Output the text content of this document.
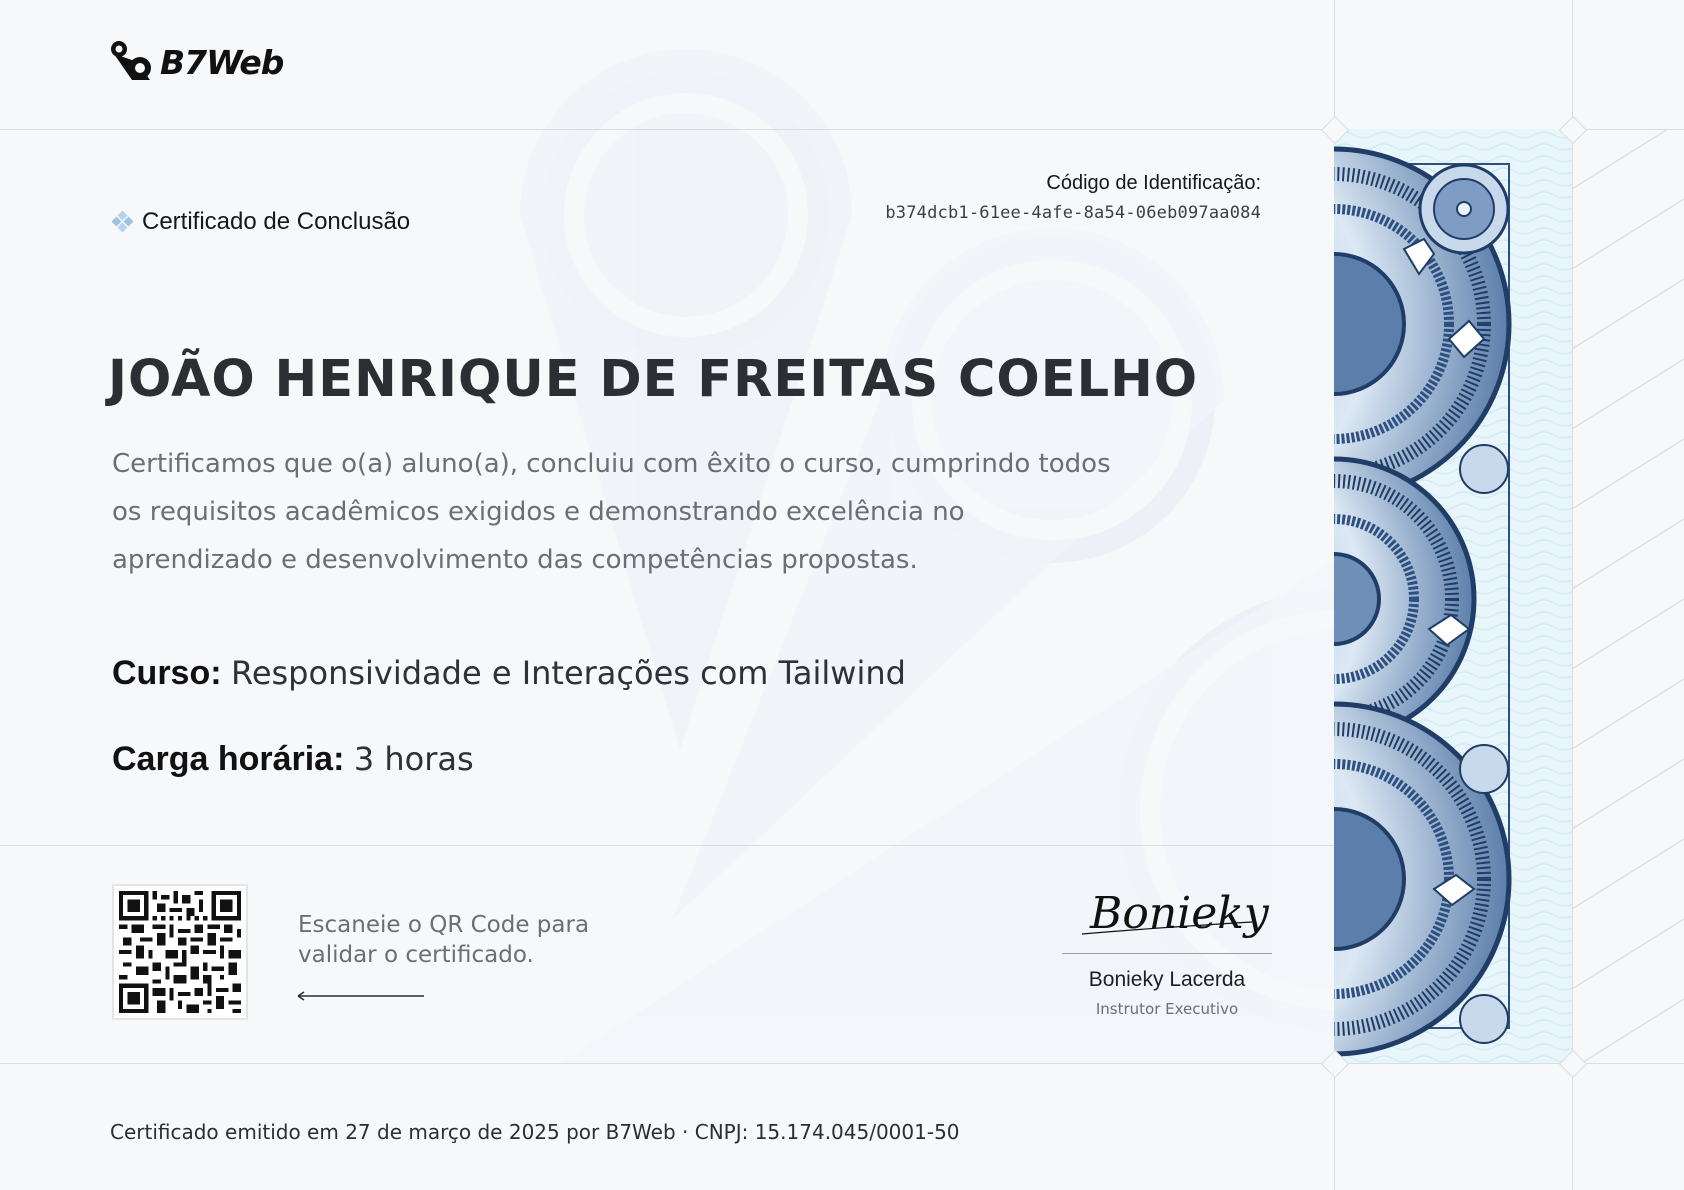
B7Web
Certificado de Conclusão
Código de Identificação:
b374dcb1-61ee-4afe-8a54-06eb097aa084
JOÃO HENRIQUE DE FREITAS COELHO
Certificamos que o(a) aluno(a), concluiu com êxito o curso, cumprindo todos os requisitos acadêmicos exigidos e demonstrando excelência no aprendizado e desenvolvimento das competências propostas.
Curso: Responsividade e Interações com Tailwind
Carga horária: 3 horas
Escaneie o QR Code para validar o certificado.
Bonieky
Bonieky Lacerda
Instrutor Executivo
Certificado emitido em 27 de março de 2025 por B7Web · CNPJ: 15.174.045/0001-50
